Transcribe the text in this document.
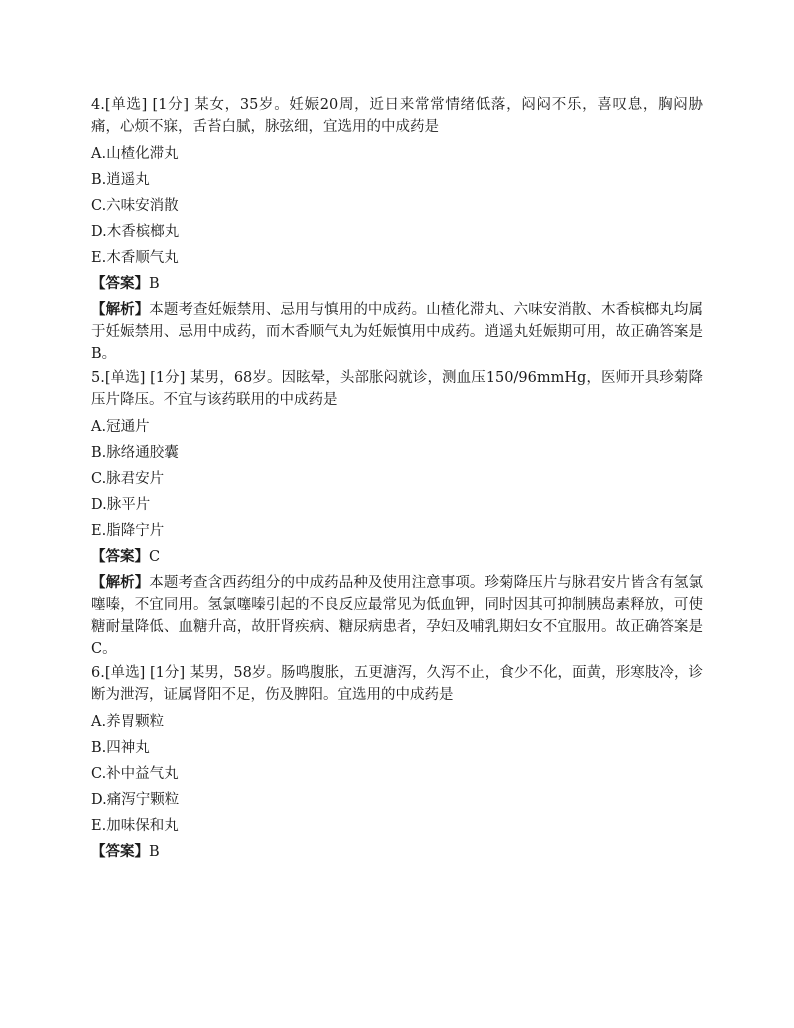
4.[单选] [1分] 某女，35岁。妊娠20周，近日来常常情绪低落，闷闷不乐，喜叹息，胸闷胁痛，心烦不寐，舌苔白腻，脉弦细，宜选用的中成药是

A.山楂化滞丸

B.逍遥丸

C.六味安消散

D.木香槟榔丸

E.木香顺气丸

【答案】B

【解析】本题考查妊娠禁用、忌用与慎用的中成药。山楂化滞丸、六味安消散、木香槟榔丸均属于妊娠禁用、忌用中成药，而木香顺气丸为妊娠慎用中成药。逍遥丸妊娠期可用，故正确答案是B。

5.[单选] [1分] 某男，68岁。因眩晕，头部胀闷就诊，测血压150/96mmHg，医师开具珍菊降压片降压。不宜与该药联用的中成药是

A.冠通片

B.脉络通胶囊

C.脉君安片

D.脉平片

E.脂降宁片

【答案】C

【解析】本题考查含西药组分的中成药品种及使用注意事项。珍菊降压片与脉君安片皆含有氢氯噻嗪，不宜同用。氢氯噻嗪引起的不良反应最常见为低血钾，同时因其可抑制胰岛素释放，可使糖耐量降低、血糖升高，故肝肾疾病、糖尿病患者，孕妇及哺乳期妇女不宜服用。故正确答案是C。

6.[单选] [1分] 某男，58岁。肠鸣腹胀，五更溏泻，久泻不止，食少不化，面黄，形寒肢冷，诊断为泄泻，证属肾阳不足，伤及脾阳。宜选用的中成药是

A.养胃颗粒

B.四神丸

C.补中益气丸

D.痛泻宁颗粒

E.加味保和丸

【答案】B
